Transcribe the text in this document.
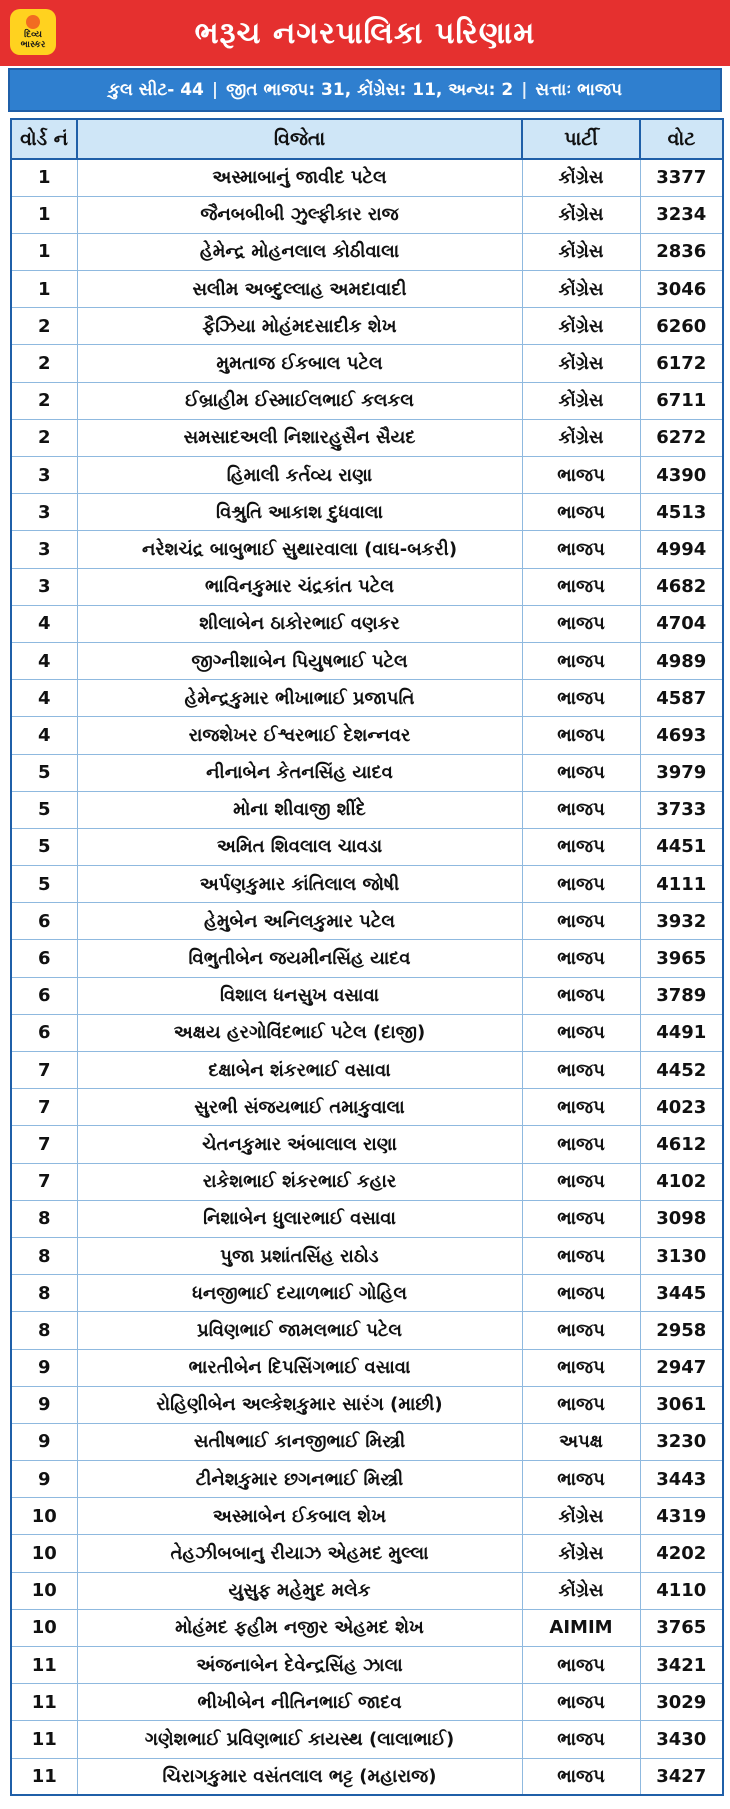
દિવ્ય
ભાસ્કર	ભરૂચ નગરપાલિકા પરિણામ
કુલ સીટ- 44 | જીત ભાજપ: 31, કોંગ્રેસ: 11, અન્ય: 2 | સત્તાઃ ભાજપ
વોર્ડ નં	વિજેતા	પાર્ટી	વોટ
1	અસ્માબાનું જાવીદ પટેલ	કોંગ્રેસ	3377
1	જૈનબબીબી ઝુલ્ફીકાર રાજ	કોંગ્રેસ	3234
1	હેમેન્દ્ર મોહનલાલ કોઠીવાલા	કોંગ્રેસ	2836
1	સલીમ અબ્દુલ્લાહ અમદાવાદી	કોંગ્રેસ	3046
2	ફૈઝિયા મોહંમદસાદીક શેખ	કોંગ્રેસ	6260
2	મુમતાજ ઈકબાલ પટેલ	કોંગ્રેસ	6172
2	ઈબ્રાહીમ ઈસ્માઈલભાઈ કલકલ	કોંગ્રેસ	6711
2	સમસાદઅલી નિશારહુસૈન સૈયદ	કોંગ્રેસ	6272
3	હિમાલી કર્તવ્ય રાણા	ભાજપ	4390
3	વિશ્રુતિ આકાશ દુધવાલા	ભાજપ	4513
3	નરેશચંદ્ર બાબુભાઈ સુથારવાલા (વાઘ-બકરી)	ભાજપ	4994
3	ભાવિનકુમાર ચંદ્રકાંત પટેલ	ભાજપ	4682
4	શીલાબેન ઠાકોરભાઈ વણકર	ભાજપ	4704
4	જીગ્નીશાબેન પિયુષભાઈ પટેલ	ભાજપ	4989
4	હેમેન્દ્રકુમાર ભીખાભાઈ પ્રજાપતિ	ભાજપ	4587
4	રાજશેખર ઈશ્વરભાઈ દેશન્નવર	ભાજપ	4693
5	નીનાબેન કેતનસિંહ યાદવ	ભાજપ	3979
5	મોના શીવાજી શીંદે	ભાજપ	3733
5	અમિત શિવલાલ ચાવડા	ભાજપ	4451
5	અર્પણકુમાર કાંતિલાલ જોષી	ભાજપ	4111
6	હેમુબેન અનિલકુમાર પટેલ	ભાજપ	3932
6	વિભુતીબેન જયમીનસિંહ યાદવ	ભાજપ	3965
6	વિશાલ ધનસુખ વસાવા	ભાજપ	3789
6	અક્ષય હરગોવિંદભાઈ પટેલ (દાજી)	ભાજપ	4491
7	દક્ષાબેન શંકરભાઈ વસાવા	ભાજપ	4452
7	સુરભી સંજયભાઈ તમાકુવાલા	ભાજપ	4023
7	ચેતનકુમાર અંબાલાલ રાણા	ભાજપ	4612
7	રાકેશભાઈ શંકરભાઈ કહાર	ભાજપ	4102
8	નિશાબેન ધુલારભાઈ વસાવા	ભાજપ	3098
8	પુજા પ્રશાંતસિંહ રાઠોડ	ભાજપ	3130
8	ધનજીભાઈ દયાળભાઈ ગોહિલ	ભાજપ	3445
8	પ્રવિણભાઈ જામલભાઈ પટેલ	ભાજપ	2958
9	ભારતીબેન દિપસિંગભાઈ વસાવા	ભાજપ	2947
9	રોહિણીબેન અલ્કેશકુમાર સારંગ (માછી)	ભાજપ	3061
9	સતીષભાઈ કાનજીભાઈ મિસ્ત્રી	અપક્ષ	3230
9	ટીનેશકુમાર છગનભાઈ મિસ્ત્રી	ભાજપ	3443
10	અસ્માબેન ઈકબાલ શેખ	કોંગ્રેસ	4319
10	તેહઝીબબાનુ રીયાઝ એહમદ મુલ્લા	કોંગ્રેસ	4202
10	યુસુફ મહેમુદ મલેક	કોંગ્રેસ	4110
10	મોહંમદ ફહીમ નજીર એહમદ શેખ	AIMIM	3765
11	અંજનાબેન દેવેન્દ્રસિંહ ઝાલા	ભાજપ	3421
11	ભીખીબેન નીતિનભાઈ જાદવ	ભાજપ	3029
11	ગણેશભાઈ પ્રવિણભાઈ કાયસ્થ (લાલાભાઈ)	ભાજપ	3430
11	ચિરાગકુમાર વસંતલાલ ભટ્ટ (મહારાજ)	ભાજપ	3427
